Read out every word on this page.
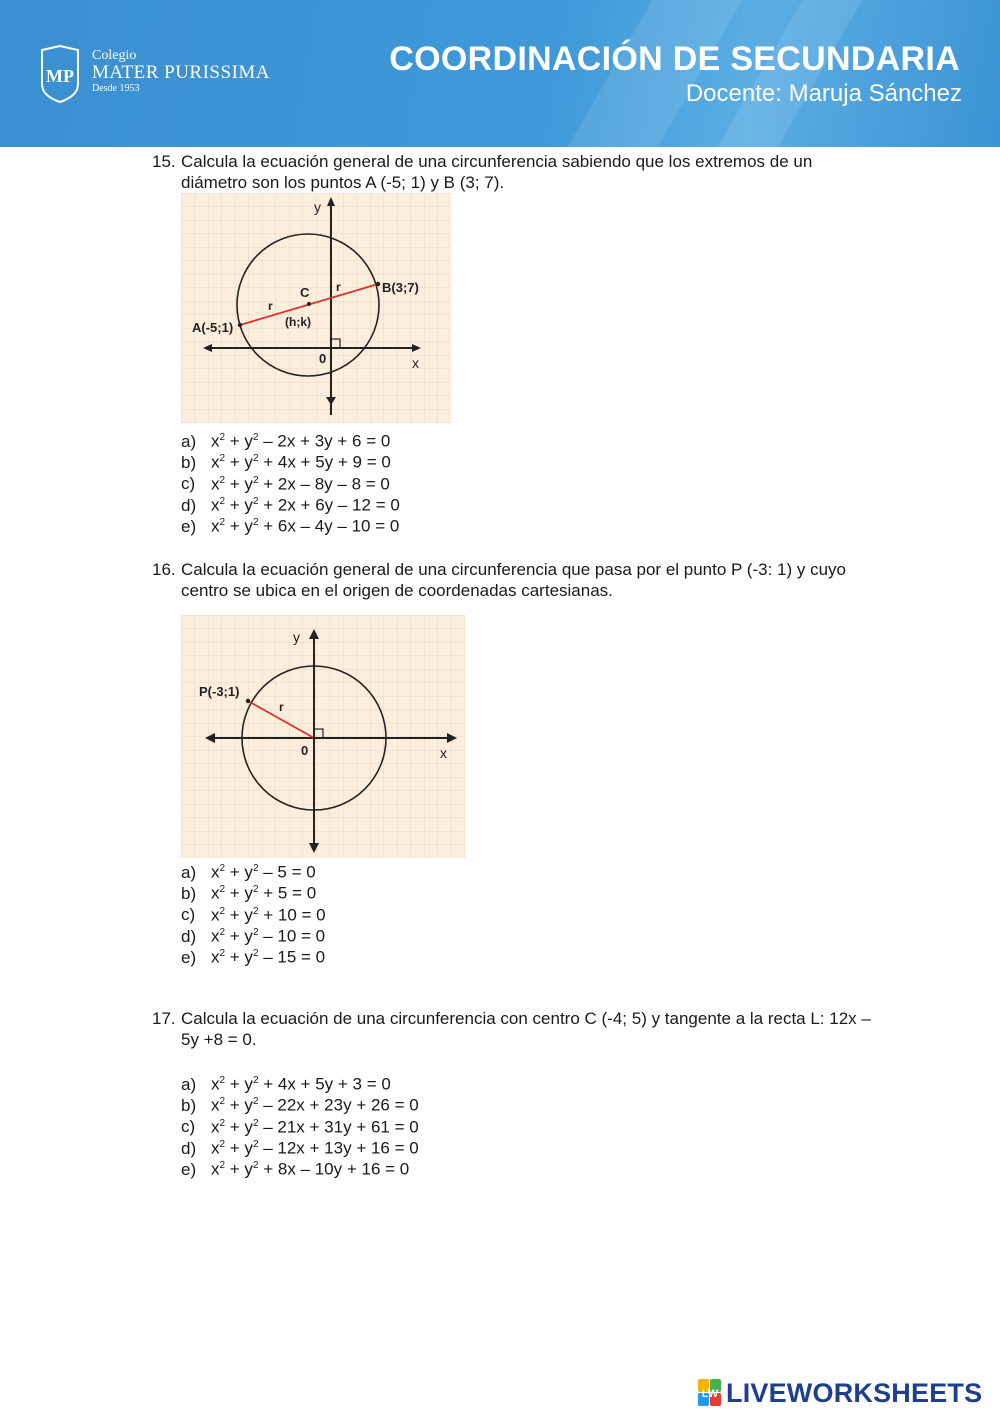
MP
Colegio
MATER PURISSIMA
Desde 1953
COORDINACIÓN DE SECUNDARIA
Docente: Maruja Sánchez
15. Calcula la ecuación general de una circunferencia sabiendo que los extremos de un diámetro son los puntos A (-5; 1) y B (3; 7).
y
x
0
A(-5;1)
B(3;7)
C
(h;k)
r
r
a) $x^2 + y^2 - 2x + 3y + 6 = 0$
b) $x^2 + y^2 + 4x + 5y + 9 = 0$
c) $x^2 + y^2 + 2x - 8y - 8 = 0$
d) $x^2 + y^2 + 2x + 6y - 12 = 0$
e) $x^2 + y^2 + 6x - 4y - 10 = 0$
16. Calcula la ecuación general de una circunferencia que pasa por el punto P (-3: 1) y cuyo centro se ubica en el origen de coordenadas cartesianas.
y
x
0
P(-3;1)
r
a) $x^2 + y^2 - 5 = 0$
b) $x^2 + y^2 + 5 = 0$
c) $x^2 + y^2 + 10 = 0$
d) $x^2 + y^2 - 10 = 0$
e) $x^2 + y^2 - 15 = 0$
17. Calcula la ecuación de una circunferencia con centro C (-4; 5) y tangente a la recta L: 12x – 5y +8 = 0.
a) $x^2 + y^2 + 4x + 5y + 3 = 0$
b) $x^2 + y^2 - 22x + 23y + 26 = 0$
c) $x^2 + y^2 - 21x + 31y + 61 = 0$
d) $x^2 + y^2 - 12x + 13y + 16 = 0$
e) $x^2 + y^2 + 8x - 10y + 16 = 0$
LW LIVEWORKSHEETS
